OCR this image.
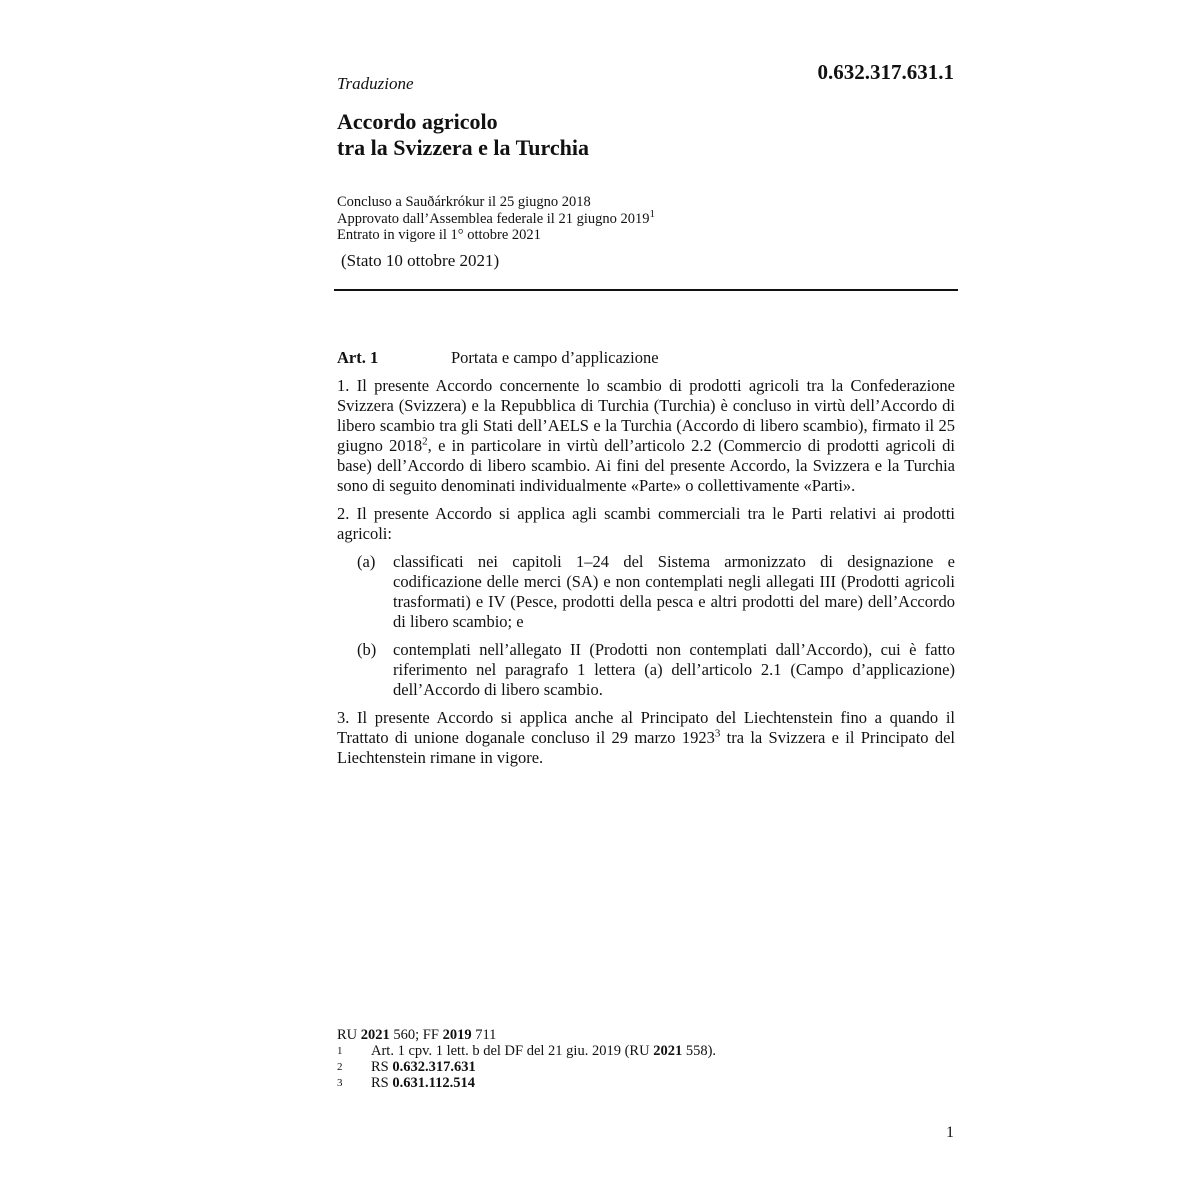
Traduzione	0.632.317.631.1
Accordo agricolo
tra la Svizzera e la Turchia
Concluso a Sauðárkrókur il 25 giugno 2018
Approvato dall’Assemblea federale il 21 giugno 2019$^1$
Entrato in vigore il 1° ottobre 2021
(Stato 10 ottobre 2021)
Art. 1	Portata e campo d’applicazione

1. Il presente Accordo concernente lo scambio di prodotti agricoli tra la Confederazione Svizzera (Svizzera) e la Repubblica di Turchia (Turchia) è concluso in virtù dell’Accordo di libero scambio tra gli Stati dell’AELS e la Turchia (Accordo di libero scambio), firmato il 25 giugno 2018$^2$, e in particolare in virtù dell’articolo 2.2 (Commercio di prodotti agricoli di base) dell’Accordo di libero scambio. Ai fini del presente Accordo, la Svizzera e la Turchia sono di seguito denominati individualmente «Parte» o collettivamente «Parti».

2. Il presente Accordo si applica agli scambi commerciali tra le Parti relativi ai prodotti agricoli:

(a)	classificati nei capitoli 1–24 del Sistema armonizzato di designazione e codificazione delle merci (SA) e non contemplati negli allegati III (Prodotti agricoli trasformati) e IV (Pesce, prodotti della pesca e altri prodotti del mare) dell’Accordo di libero scambio; e
(b)	contemplati nell’allegato II (Prodotti non contemplati dall’Accordo), cui è fatto riferimento nel paragrafo 1 lettera (a) dell’articolo 2.1 (Campo d’applicazione) dell’Accordo di libero scambio.

3. Il presente Accordo si applica anche al Principato del Liechtenstein fino a quando il Trattato di unione doganale concluso il 29 marzo 1923$^3$ tra la Svizzera e il Principato del Liechtenstein rimane in vigore.

RU 2021 560; FF 2019 711
1	Art. 1 cpv. 1 lett. b del DF del 21 giu. 2019 (RU 2021 558).
2	RS 0.632.317.631
3	RS 0.631.112.514
1
